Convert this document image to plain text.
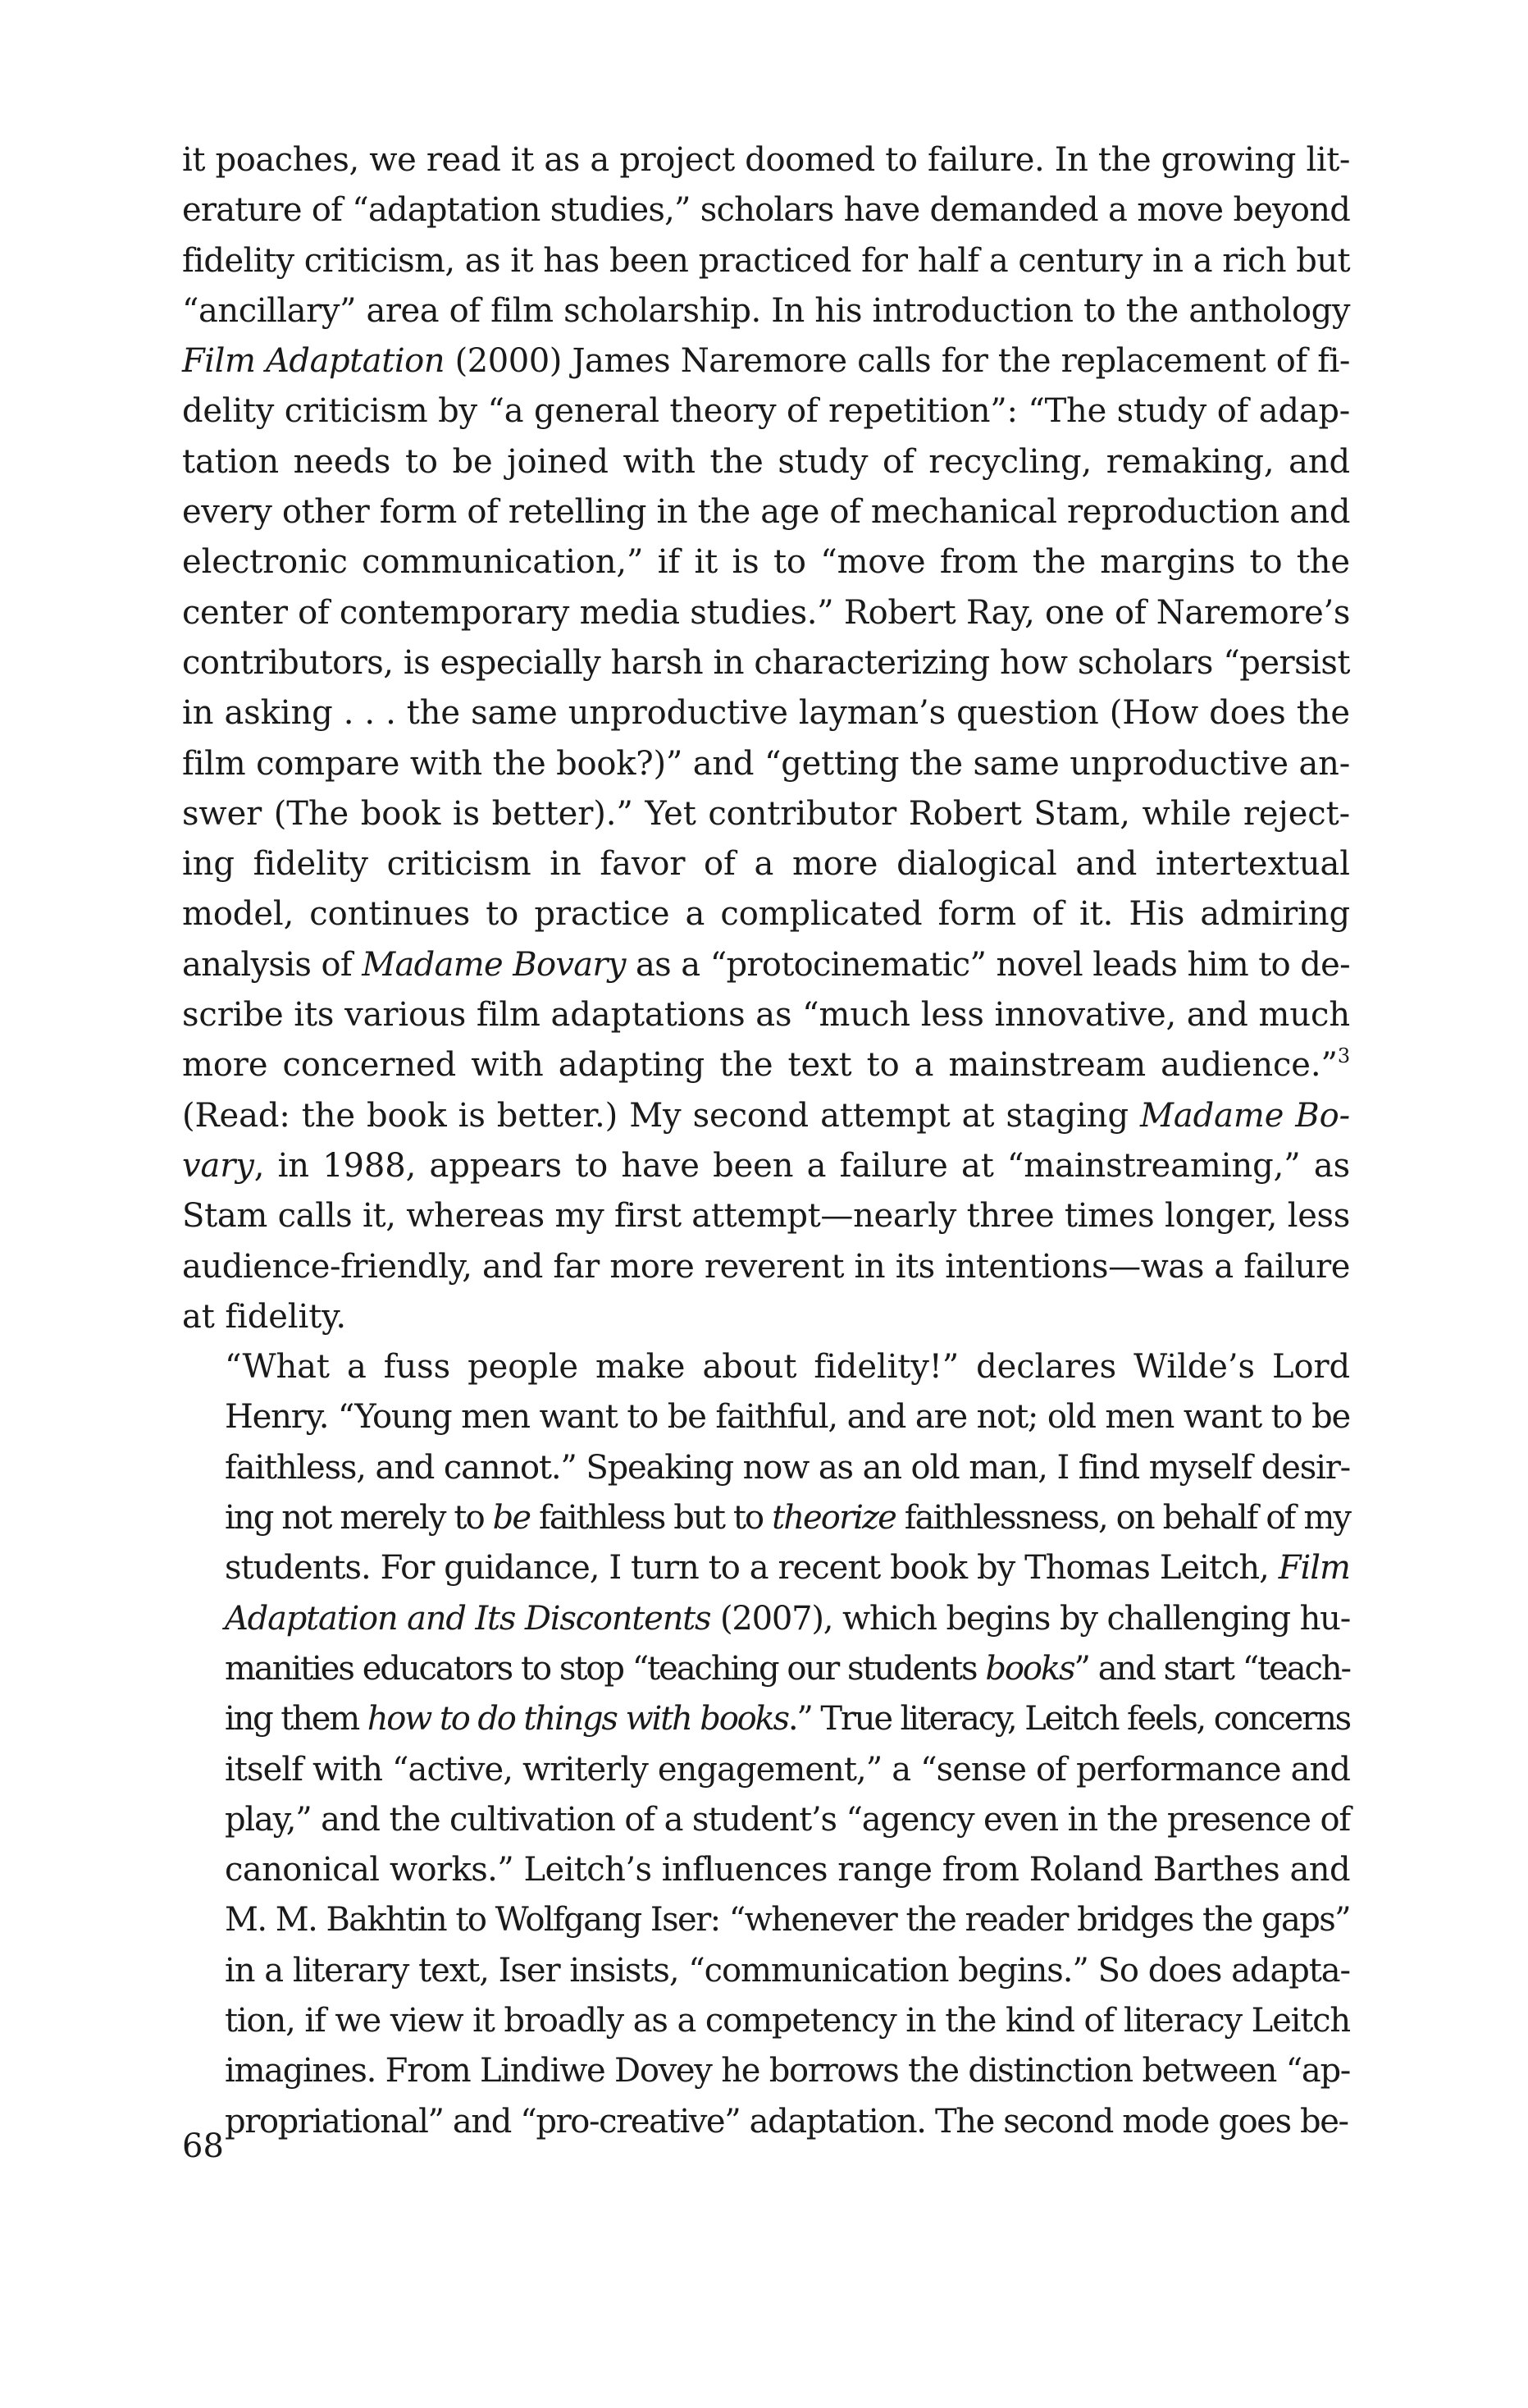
it poaches, we read it as a project doomed to failure. In the growing lit-
erature of “adaptation studies,” scholars have demanded a move beyond
fidelity criticism, as it has been practiced for half a century in a rich but
“ancillary” area of film scholarship. In his introduction to the anthology
Film Adaptation (2000) James Naremore calls for the replacement of fi-
delity criticism by “a general theory of repetition”: “The study of adap-
tation needs to be joined with the study of recycling, remaking, and
every other form of retelling in the age of mechanical reproduction and
electronic communication,” if it is to “move from the margins to the
center of contemporary media studies.” Robert Ray, one of Naremore’s
contributors, is especially harsh in characterizing how scholars “persist
in asking . . . the same unproductive layman’s question (How does the
film compare with the book?)” and “getting the same unproductive an-
swer (The book is better).” Yet contributor Robert Stam, while reject-
ing fidelity criticism in favor of a more dialogical and intertextual
model, continues to practice a complicated form of it. His admiring
analysis of Madame Bovary as a “protocinematic” novel leads him to de-
scribe its various film adaptations as “much less innovative, and much
more concerned with adapting the text to a mainstream audience.”$^3$
(Read: the book is better.) My second attempt at staging Madame Bo-
vary, in 1988, appears to have been a failure at “mainstreaming,” as
Stam calls it, whereas my first attempt—nearly three times longer, less
audience-friendly, and far more reverent in its intentions—was a failure
at fidelity.
“What a fuss people make about fidelity!” declares Wilde’s Lord
Henry. “Young men want to be faithful, and are not; old men want to be
faithless, and cannot.” Speaking now as an old man, I find myself desir-
ing not merely to be faithless but to theorize faithlessness, on behalf of my
students. For guidance, I turn to a recent book by Thomas Leitch, Film
Adaptation and Its Discontents (2007), which begins by challenging hu-
manities educators to stop “teaching our students books” and start “teach-
ing them how to do things with books.” True literacy, Leitch feels, concerns
itself with “active, writerly engagement,” a “sense of performance and
play,” and the cultivation of a student’s “agency even in the presence of
canonical works.” Leitch’s influences range from Roland Barthes and
M. M. Bakhtin to Wolfgang Iser: “whenever the reader bridges the gaps”
in a literary text, Iser insists, “communication begins.” So does adapta-
tion, if we view it broadly as a competency in the kind of literacy Leitch
imagines. From Lindiwe Dovey he borrows the distinction between “ap-
propriational” and “pro-creative” adaptation. The second mode goes be-
68
